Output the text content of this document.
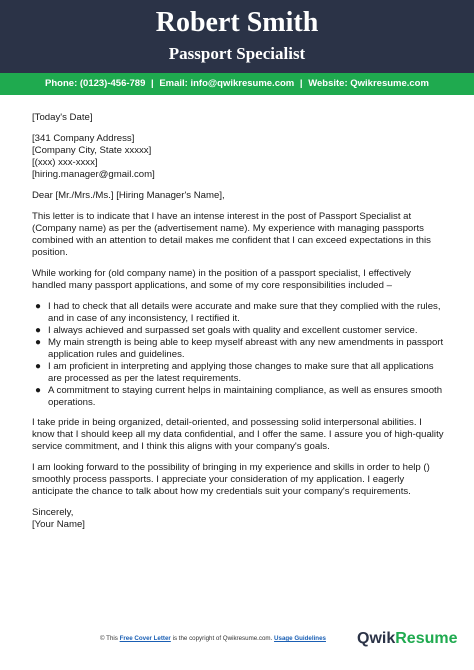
Robert Smith
Passport Specialist
Phone: (0123)-456-789 | Email: info@qwikresume.com | Website: Qwikresume.com

[Today's Date]

[341 Company Address]
[Company City, State xxxxx]
[(xxx) xxx-xxxx]
[hiring.manager@gmail.com]

Dear [Mr./Mrs./Ms.] [Hiring Manager's Name],

This letter is to indicate that I have an intense interest in the post of Passport Specialist at (Company name) as per the (advertisement name). My experience with managing passports combined with an attention to detail makes me confident that I can exceed expectations in this position.

While working for (old company name) in the position of a passport specialist, I effectively handled many passport applications, and some of my core responsibilities included –

● I had to check that all details were accurate and make sure that they complied with the rules, and in case of any inconsistency, I rectified it.
● I always achieved and surpassed set goals with quality and excellent customer service.
● My main strength is being able to keep myself abreast with any new amendments in passport application rules and guidelines.
● I am proficient in interpreting and applying those changes to make sure that all applications are processed as per the latest requirements.
● A commitment to staying current helps in maintaining compliance, as well as ensures smooth operations.

I take pride in being organized, detail-oriented, and possessing solid interpersonal abilities. I know that I should keep all my data confidential, and I offer the same. I assure you of high-quality service commitment, and I think this aligns with your company's goals.

I am looking forward to the possibility of bringing in my experience and skills in order to help () smoothly process passports. I appreciate your consideration of my application. I eagerly anticipate the chance to talk about how my credentials suit your company's requirements.

Sincerely,
[Your Name]
© This Free Cover Letter is the copyright of Qwikresume.com. Usage Guidelines QwikResume
